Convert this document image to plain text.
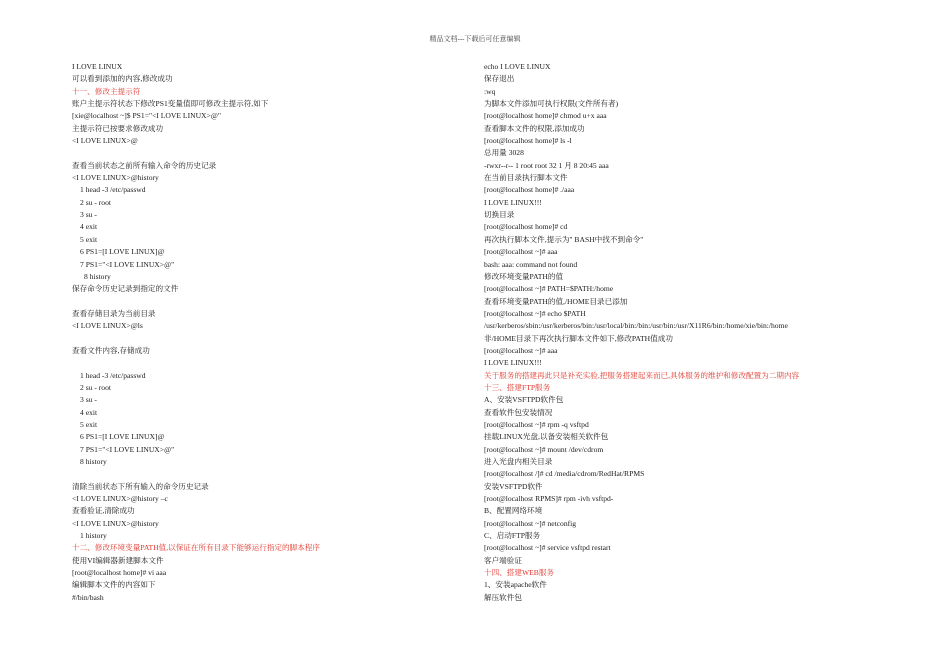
精品文档---下载后可任意编辑
I LOVE LINUX
可以看到添加的内容,修改成功
十一、修改主提示符
账户主提示符状态下修改PS1变量值即可修改主提示符,如下
[xie@localhost ~]$ PS1="<I LOVE LINUX>@"
主提示符已按要求修改成功
<I LOVE LINUX>@
查看当前状态之前所有输入命令的历史记录
<I LOVE LINUX>@history
1 head -3 /etc/passwd
2 su - root
3 su -
4 exit
5 exit
6 PS1=[I LOVE LINUX]@
7 PS1="<I LOVE LINUX>@"
8 history
保存命令历史记录到指定的文件
查看存储目录为当前目录
<I LOVE LINUX>@ls
查看文件内容,存储成功
1 head -3 /etc/passwd
2 su - root
3 su -
4 exit
5 exit
6 PS1=[I LOVE LINUX]@
7 PS1="<I LOVE LINUX>@"
8 history
清除当前状态下所有输入的命令历史记录
<I LOVE LINUX>@history –c
查看验证,清除成功
<I LOVE LINUX>@history
1 history
十二、修改环境变量PATH值,以保证在所有目录下能够运行指定的脚本程序
使用VI编辑器新建脚本文件
[root@localhost home]# vi aaa
编辑脚本文件的内容如下
#/bin/bash
echo I LOVE LINUX
保存退出
:wq
为脚本文件添加可执行权限(文件所有者)
[root@localhost home]# chmod u+x aaa
查看脚本文件的权限,添加成功
[root@localhost home]# ls -l
总用量 3028
-rwxr--r-- 1 root root 32 1 月 8 20:45 aaa
在当前目录执行脚本文件
[root@localhost home]# ./aaa
I LOVE LINUX!!!
切换目录
[root@localhost home]# cd
再次执行脚本文件,提示为" BASH中找不到命令"
[root@localhost ~]# aaa
bash: aaa: command not found
修改环境变量PATH的值
[root@localhost ~]# PATH=$PATH:/home
查看环境变量PATH的值,/HOME目录已添加
[root@localhost ~]# echo $PATH
/usr/kerberos/sbin:/usr/kerberos/bin:/usr/local/bin:/bin:/usr/bin:/usr/X11R6/bin:/home/xie/bin:/home
非/HOME目录下再次执行脚本文件如下,修改PATH值成功
[root@localhost ~]# aaa
I LOVE LINUX!!!
关于服务的搭建再此只是补充实验,把服务搭建起来而已,具体服务的维护和修改配置为二期内容
十三、搭建FTP服务
A、安装VSFTPD软件包
查看软件包安装情况
[root@localhost ~]# rpm -q vsftpd
挂载LINUX光盘,以备安装相关软件包
[root@localhost ~]# mount /dev/cdrom
进入光盘内相关目录
[root@localhost /]# cd /media/cdrom/RedHat/RPMS
安装VSFTPD软件
[root@localhost RPMS]# rpm -ivh vsftpd-
B、配置网络环境
[root@localhost ~]# netconfig
C、启动FTP服务
[root@localhost ~]# service vsftpd restart
客户端验证
十四、搭建WEB服务
1、安装apache软件
解压软件包
